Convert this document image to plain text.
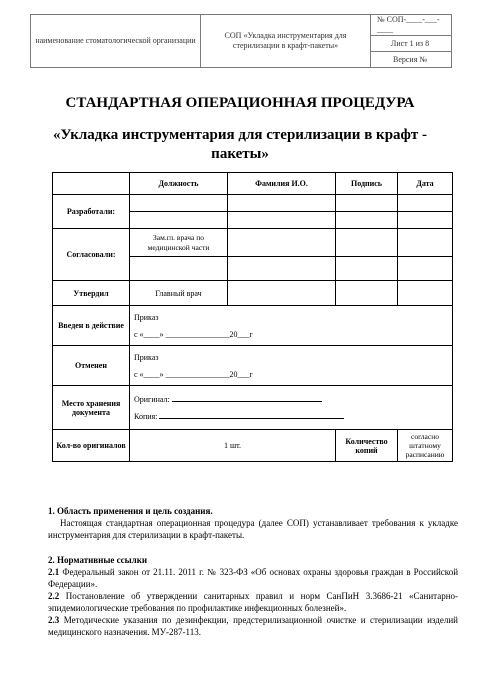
наименование стоматологической организации	СОП «Укладка инструментария для стерилизации в крафт-пакеты»	№ СОП-____-___-____
Лист 1 из 8
Версия №
СТАНДАРТНАЯ ОПЕРАЦИОННАЯ ПРОЦЕДУРА
«Укладка инструментария для стерилизации в крафт - пакеты»
	Должность	Фамилия И.О.	Подпись	Дата
Разработали:				

Согласовали:	Зам.гл. врача по медицинской части			

Утвердил	Главный врач			
Введен в действие	Приказ
с «____» ________________20___г			

Отменен	Приказ
с «____» ________________20___г			

Место хранения документа	Оригинал:
Копия:			

Кол-во оригиналов	1 шт.		Количество копий	согласно штатному расписанию

1. Область применения и цель создания.

Настоящая стандартная операционная процедура (далее СОП) устанавливает требования к укладке инструментария для стерилизации в крафт-пакеты.

2. Нормативные ссылки

2.1 Федеральный закон от 21.11. 2011 г. № 323-ФЗ «Об основах охраны здоровья граждан в Российской Федерации».

2.2 Постановление об утверждении санитарных правил и норм СанПиН 3.3686-21 «Санитарно-эпидемиологические требования по профилактике инфекционных болезней».

2.3 Методические указания по дезинфекции, предстерилизационной очистке и стерилизации изделий медицинского назначения. МУ-287-113.
